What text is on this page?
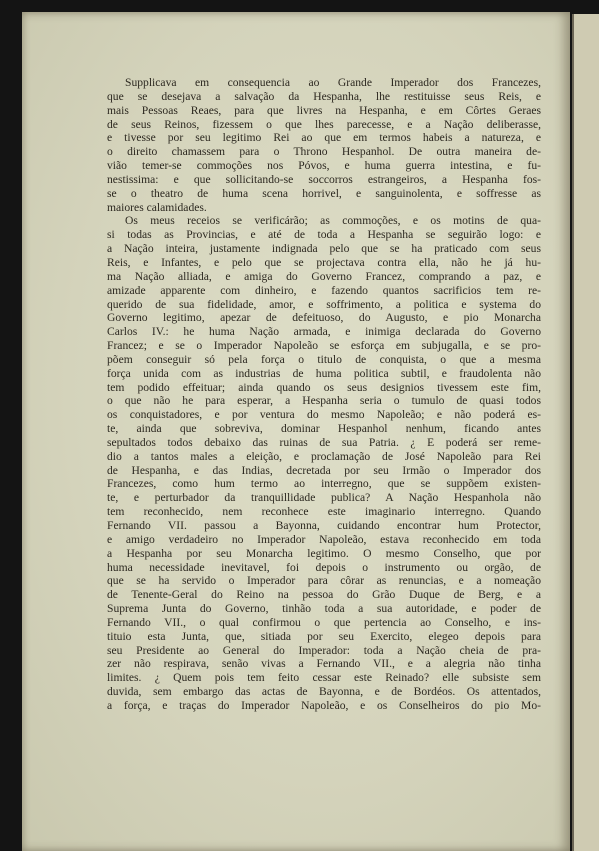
Supplicava em consequencia ao Grande Imperador dos Francezes,
que se desejava a salvação da Hespanha, lhe restituisse seus Reis, e
mais Pessoas Reaes, para que livres na Hespanha, e em Côrtes Geraes
de seus Reinos, fizessem o que lhes parecesse, e a Nação deliberasse,
e tivesse por seu legitimo Rei ao que em termos habeis a natureza, e
o direito chamassem para o Throno Hespanhol. De outra maneira de-
vião temer-se commoções nos Póvos, e huma guerra intestina, e fu-
nestissima: e que sollicitando-se soccorros estrangeiros, a Hespanha fos-
se o theatro de huma scena horrivel, e sanguinolenta, e soffresse as
maiores calamidades.
Os meus receios se verificárão; as commoções, e os motins de qua-
si todas as Provincias, e até de toda a Hespanha se seguirão logo: e
a Nação inteira, justamente indignada pelo que se ha praticado com seus
Reis, e Infantes, e pelo que se projectava contra ella, não he já hu-
ma Nação alliada, e amiga do Governo Francez, comprando a paz, e
amizade apparente com dinheiro, e fazendo quantos sacrificios tem re-
querido de sua fidelidade, amor, e soffrimento, a politica e systema do
Governo legitimo, apezar de defeituoso, do Augusto, e pio Monarcha
Carlos IV.: he huma Nação armada, e inimiga declarada do Governo
Francez; e se o Imperador Napoleão se esforça em subjugalla, e se pro-
põem conseguir só pela força o titulo de conquista, o que a mesma
força unida com as industrias de huma politica subtil, e fraudolenta não
tem podido effeituar; ainda quando os seus designios tivessem este fim,
o que não he para esperar, a Hespanha seria o tumulo de quasi todos
os conquistadores, e por ventura do mesmo Napoleão; e não poderá es-
te, ainda que sobreviva, dominar Hespanhol nenhum, ficando antes
sepultados todos debaixo das ruinas de sua Patria. ¿ E poderá ser reme-
dio a tantos males a eleição, e proclamação de José Napoleão para Rei
de Hespanha, e das Indias, decretada por seu Irmão o Imperador dos
Francezes, como hum termo ao interregno, que se suppõem existen-
te, e perturbador da tranquillidade publica? A Nação Hespanhola não
tem reconhecido, nem reconhece este imaginario interregno. Quando
Fernando VII. passou a Bayonna, cuidando encontrar hum Protector,
e amigo verdadeiro no Imperador Napoleão, estava reconhecido em toda
a Hespanha por seu Monarcha legitimo. O mesmo Conselho, que por
huma necessidade inevitavel, foi depois o instrumento ou orgão, de
que se ha servido o Imperador para côrar as renuncias, e a nomeação
de Tenente-Geral do Reino na pessoa do Grão Duque de Berg, e a
Suprema Junta do Governo, tinhão toda a sua autoridade, e poder de
Fernando VII., o qual confirmou o que pertencia ao Conselho, e ins-
tituio esta Junta, que, sitiada por seu Exercito, elegeo depois para
seu Presidente ao General do Imperador: toda a Nação cheia de pra-
zer não respirava, senão vivas a Fernando VII., e a alegria não tinha
limites. ¿ Quem pois tem feito cessar este Reinado? elle subsiste sem
duvida, sem embargo das actas de Bayonna, e de Bordéos. Os attentados,
a força, e traças do Imperador Napoleão, e os Conselheiros do pio Mo-
